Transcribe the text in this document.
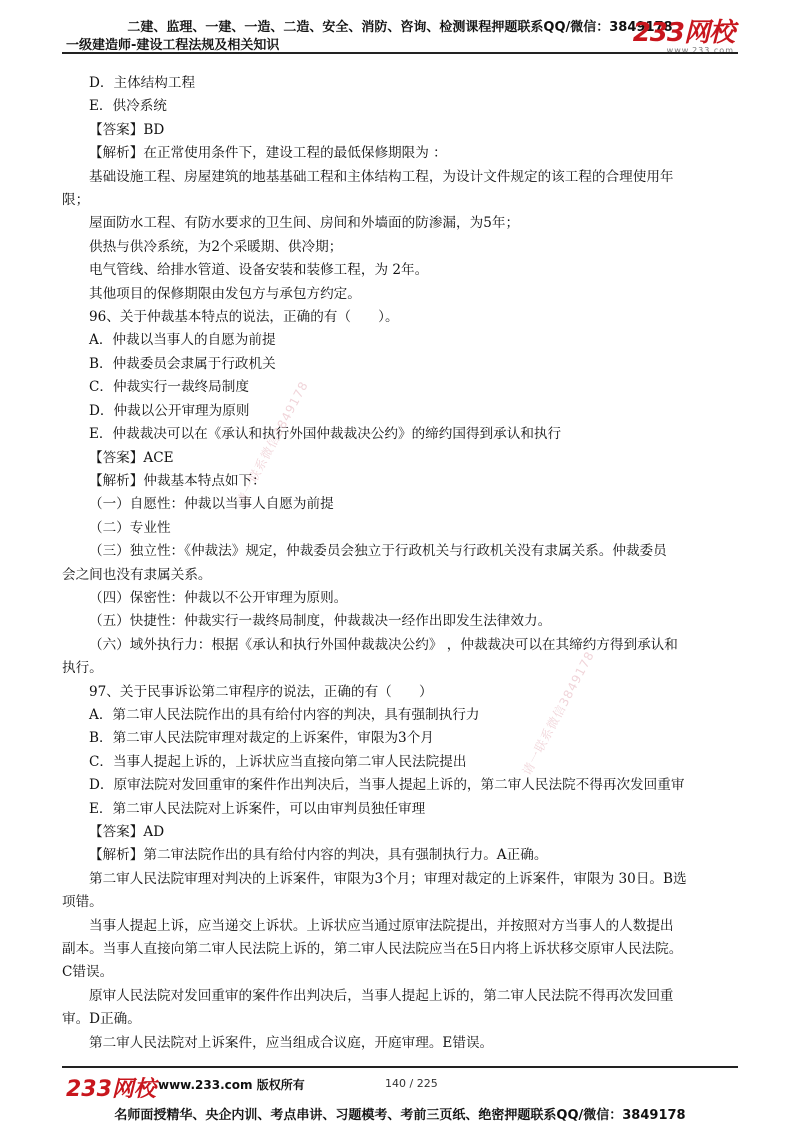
二建、监理、一建、一造、二造、安全、消防、咨询、检测课程押题联系QQ/微信：3849178
一级建造师-建设工程法规及相关知识	233网校
www.233.com

D．主体结构工程

E．供冷系统

【答案】BD

【解析】在正常使用条件下，建设工程的最低保修期限为 ：

基础设施工程、房屋建筑的地基基础工程和主体结构工程，为设计文件规定的该工程的合理使用年

限；

屋面防水工程、有防水要求的卫生间、房间和外墙面的防渗漏，为5年；

供热与供冷系统，为2个采暖期、供冷期；

电气管线、给排水管道、设备安装和装修工程，为 2年。

其他项目的保修期限由发包方与承包方约定。

96、关于仲裁基本特点的说法，正确的有（　　）。

A．仲裁以当事人的自愿为前提

B．仲裁委员会隶属于行政机关

C．仲裁实行一裁终局制度

D．仲裁以公开审理为原则

E．仲裁裁决可以在《承认和执行外国仲裁裁决公约》的缔约国得到承认和执行

【答案】ACE

【解析】仲裁基本特点如下：

（一）自愿性：仲裁以当事人自愿为前提

（二）专业性

（三）独立性：《仲裁法》规定，仲裁委员会独立于行政机关与行政机关没有隶属关系。仲裁委员

会之间也没有隶属关系。

（四）保密性：仲裁以不公开审理为原则。

（五）快捷性：仲裁实行一裁终局制度，仲裁裁决一经作出即发生法律效力。

（六）域外执行力：根据《承认和执行外国仲裁裁决公约》 ，仲裁裁决可以在其缔约方得到承认和

执行。

97、关于民事诉讼第二审程序的说法，正确的有（　　）

A．第二审人民法院作出的具有给付内容的判决，具有强制执行力

B．第二审人民法院审理对裁定的上诉案件，审限为3个月

C．当事人提起上诉的，上诉状应当直接向第二审人民法院提出

D．原审法院对发回重审的案件作出判决后，当事人提起上诉的，第二审人民法院不得再次发回重审

E．第二审人民法院对上诉案件，可以由审判员独任审理

【答案】AD

【解析】第二审法院作出的具有给付内容的判决，具有强制执行力。A正确。

第二审人民法院审理对判决的上诉案件，审限为3个月；审理对裁定的上诉案件，审限为 30日。B选

项错。

当事人提起上诉，应当递交上诉状。上诉状应当通过原审法院提出，并按照对方当事人的人数提出

副本。当事人直接向第二审人民法院上诉的，第二审人民法院应当在5日内将上诉状移交原审人民法院。

C错误。

原审人民法院对发回重审的案件作出判决后，当事人提起上诉的，第二审人民法院不得再次发回重

审。D正确。

第二审人民法院对上诉案件，应当组成合议庭，开庭审理。E错误。

请一联系微信3849178
请一联系微信3849178
233网校 www.233.com 版权所有	140 / 225
名师面授精华、央企内训、考点串讲、习题模考、考前三页纸、绝密押题联系QQ/微信：3849178
